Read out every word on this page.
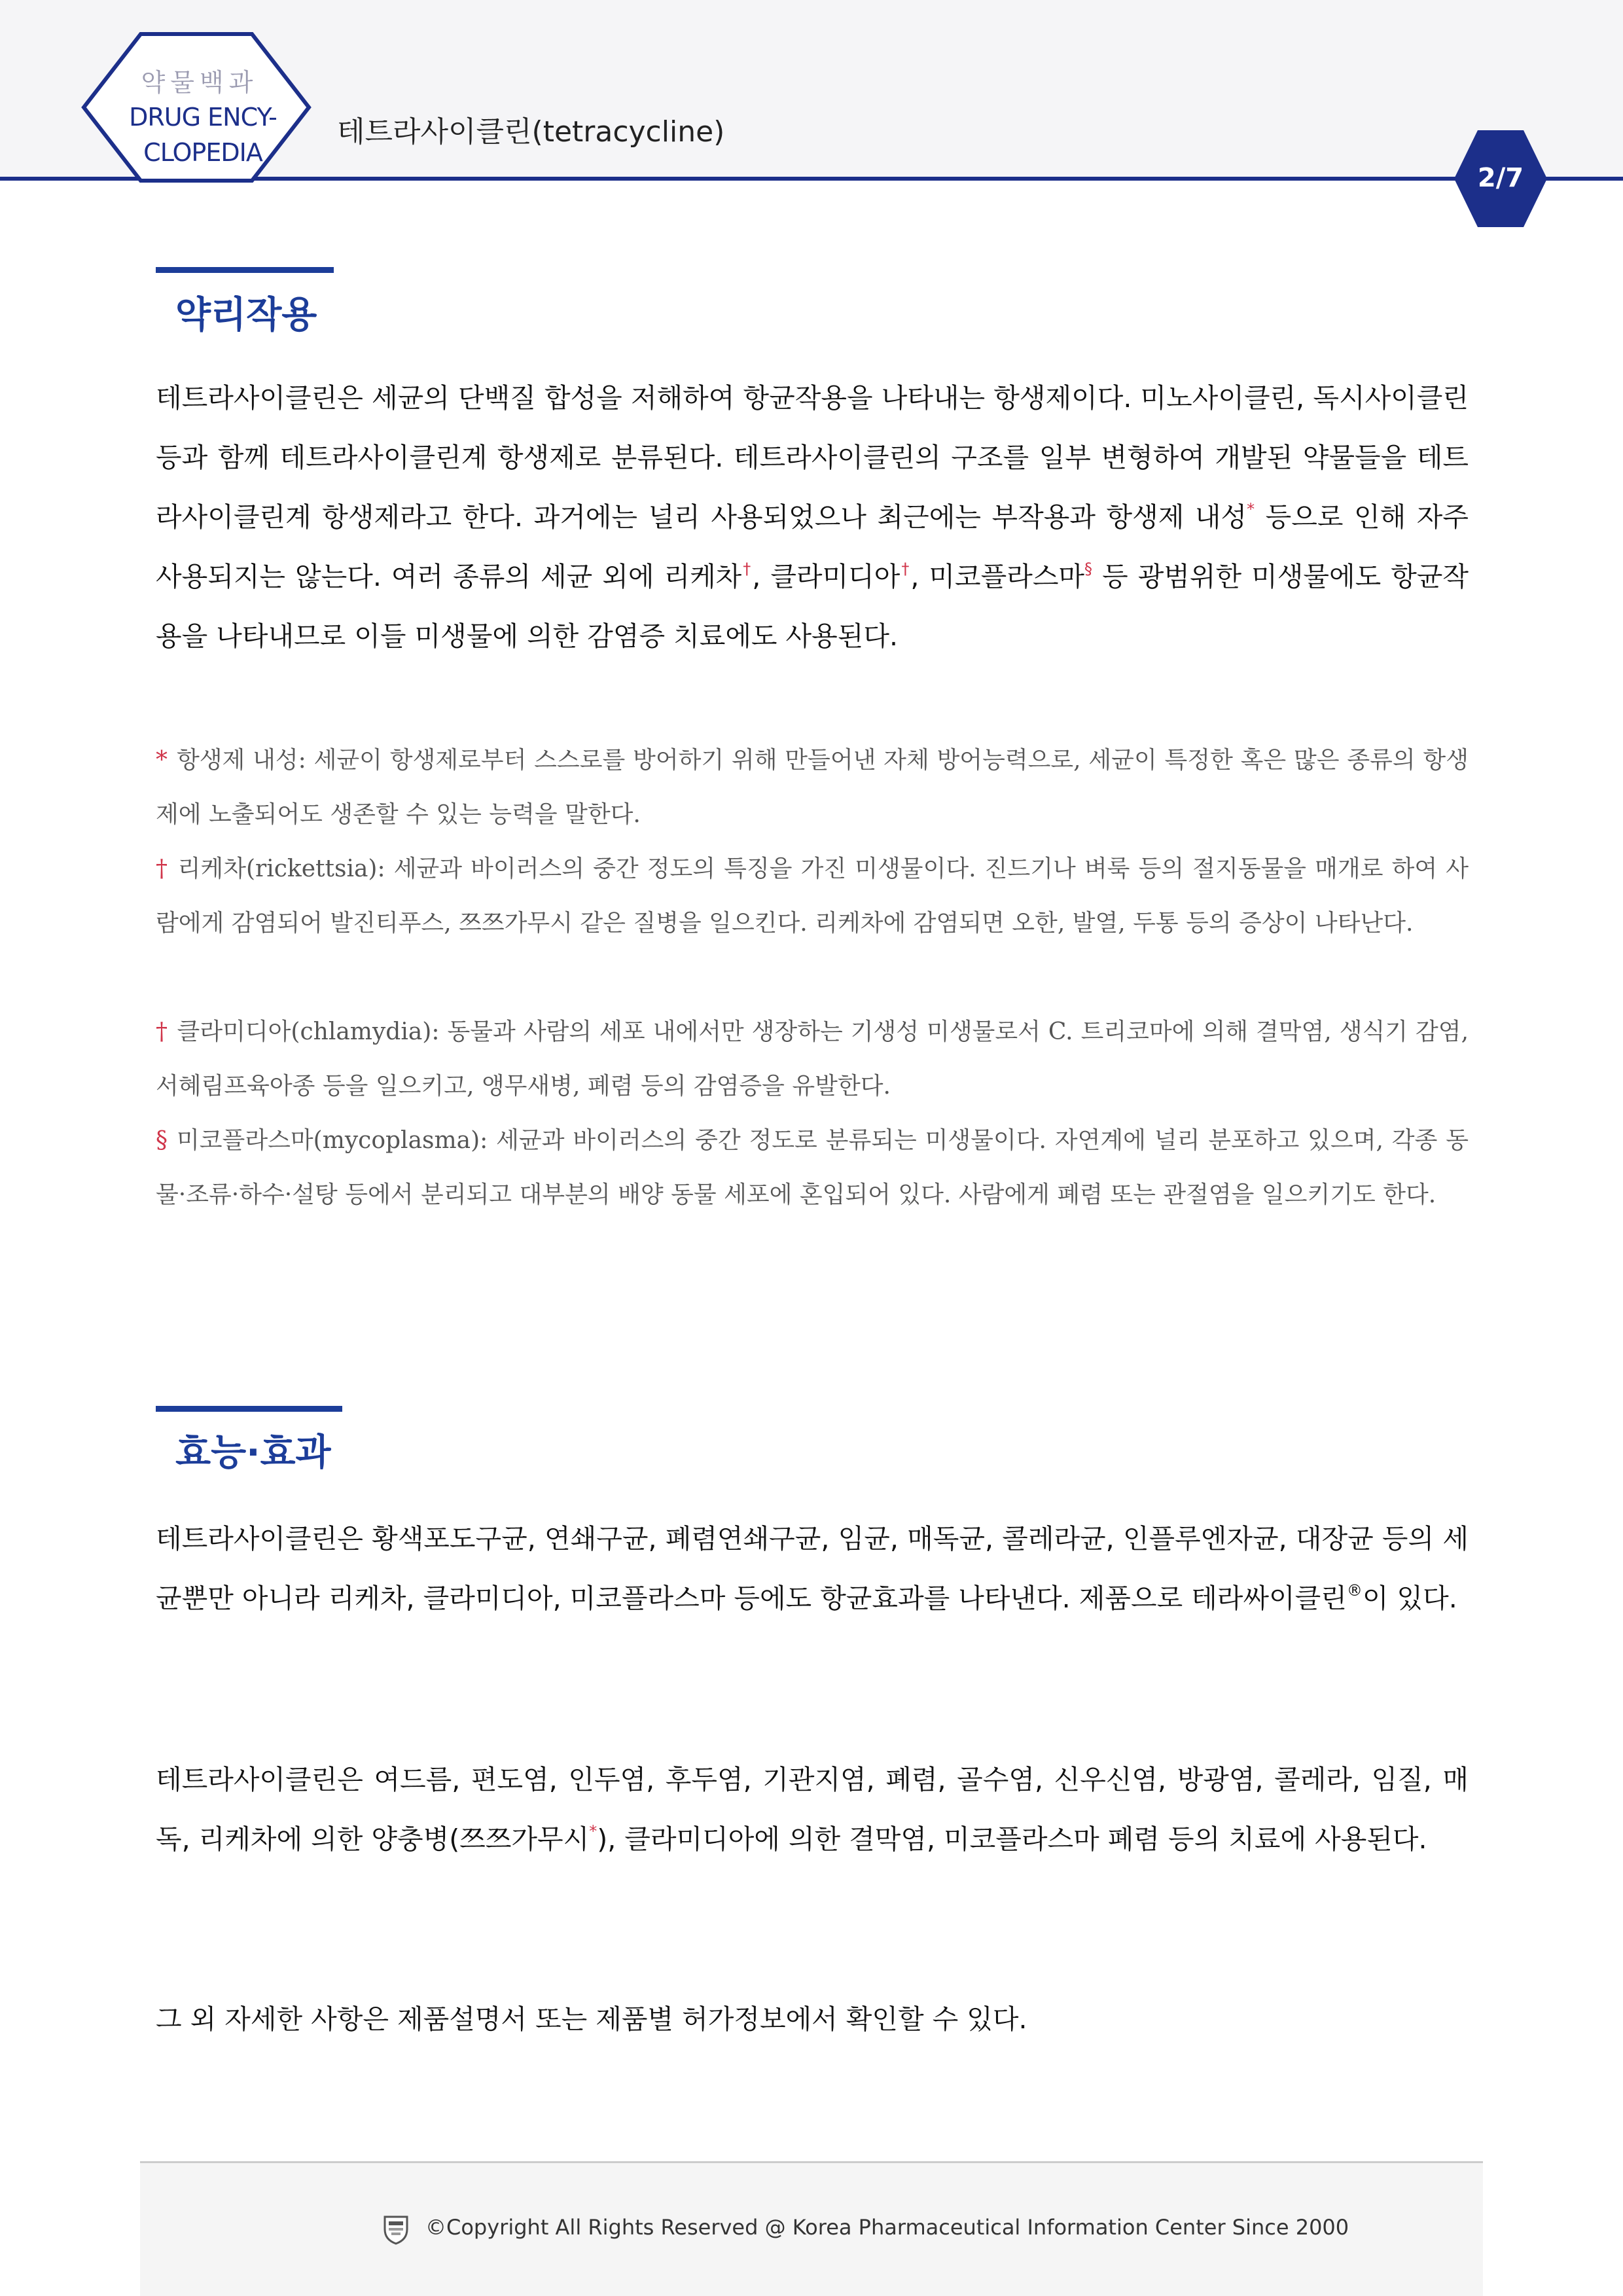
약물백과
DRUG ENCY-
CLOPEDIA
테트라사이클린(tetracycline)
2/7
약리작용

테트라사이클린은 세균의 단백질 합성을 저해하여 항균작용을 나타내는 항생제이다. 미노사이클린, 독시사이클린 등과 함께 테트라사이클린계 항생제로 분류된다. 테트라사이클린의 구조를 일부 변형하여 개발된 약물들을 테트라사이클린계 항생제라고 한다. 과거에는 널리 사용되었으나 최근에는 부작용과 항생제 내성* 등으로 인해 자주 사용되지는 않는다. 여러 종류의 세균 외에 리케차†, 클라미디아†, 미코플라스마§ 등 광범위한 미생물에도 항균작용을 나타내므로 이들 미생물에 의한 감염증 치료에도 사용된다.

* 항생제 내성: 세균이 항생제로부터 스스로를 방어하기 위해 만들어낸 자체 방어능력으로, 세균이 특정한 혹은 많은 종류의 항생제에 노출되어도 생존할 수 있는 능력을 말한다.

† 리케차(rickettsia): 세균과 바이러스의 중간 정도의 특징을 가진 미생물이다. 진드기나 벼룩 등의 절지동물을 매개로 하여 사람에게 감염되어 발진티푸스, 쯔쯔가무시 같은 질병을 일으킨다. 리케차에 감염되면 오한, 발열, 두통 등의 증상이 나타난다.

† 클라미디아(chlamydia): 동물과 사람의 세포 내에서만 생장하는 기생성 미생물로서 C. 트리코마에 의해 결막염, 생식기 감염, 서혜림프육아종 등을 일으키고, 앵무새병, 폐렴 등의 감염증을 유발한다.

§ 미코플라스마(mycoplasma): 세균과 바이러스의 중간 정도로 분류되는 미생물이다. 자연계에 널리 분포하고 있으며, 각종 동물·조류·하수·설탕 등에서 분리되고 대부분의 배양 동물 세포에 혼입되어 있다. 사람에게 폐렴 또는 관절염을 일으키기도 한다.

효능·효과

테트라사이클린은 황색포도구균, 연쇄구균, 폐렴연쇄구균, 임균, 매독균, 콜레라균, 인플루엔자균, 대장균 등의 세균뿐만 아니라 리케차, 클라미디아, 미코플라스마 등에도 항균효과를 나타낸다. 제품으로 테라싸이클린®이 있다.

테트라사이클린은 여드름, 편도염, 인두염, 후두염, 기관지염, 폐렴, 골수염, 신우신염, 방광염, 콜레라, 임질, 매독, 리케차에 의한 양충병(쯔쯔가무시*), 클라미디아에 의한 결막염, 미코플라스마 폐렴 등의 치료에 사용된다.

그 외 자세한 사항은 제품설명서 또는 제품별 허가정보에서 확인할 수 있다.

©Copyright All Rights Reserved @ Korea Pharmaceutical Information Center Since 2000
